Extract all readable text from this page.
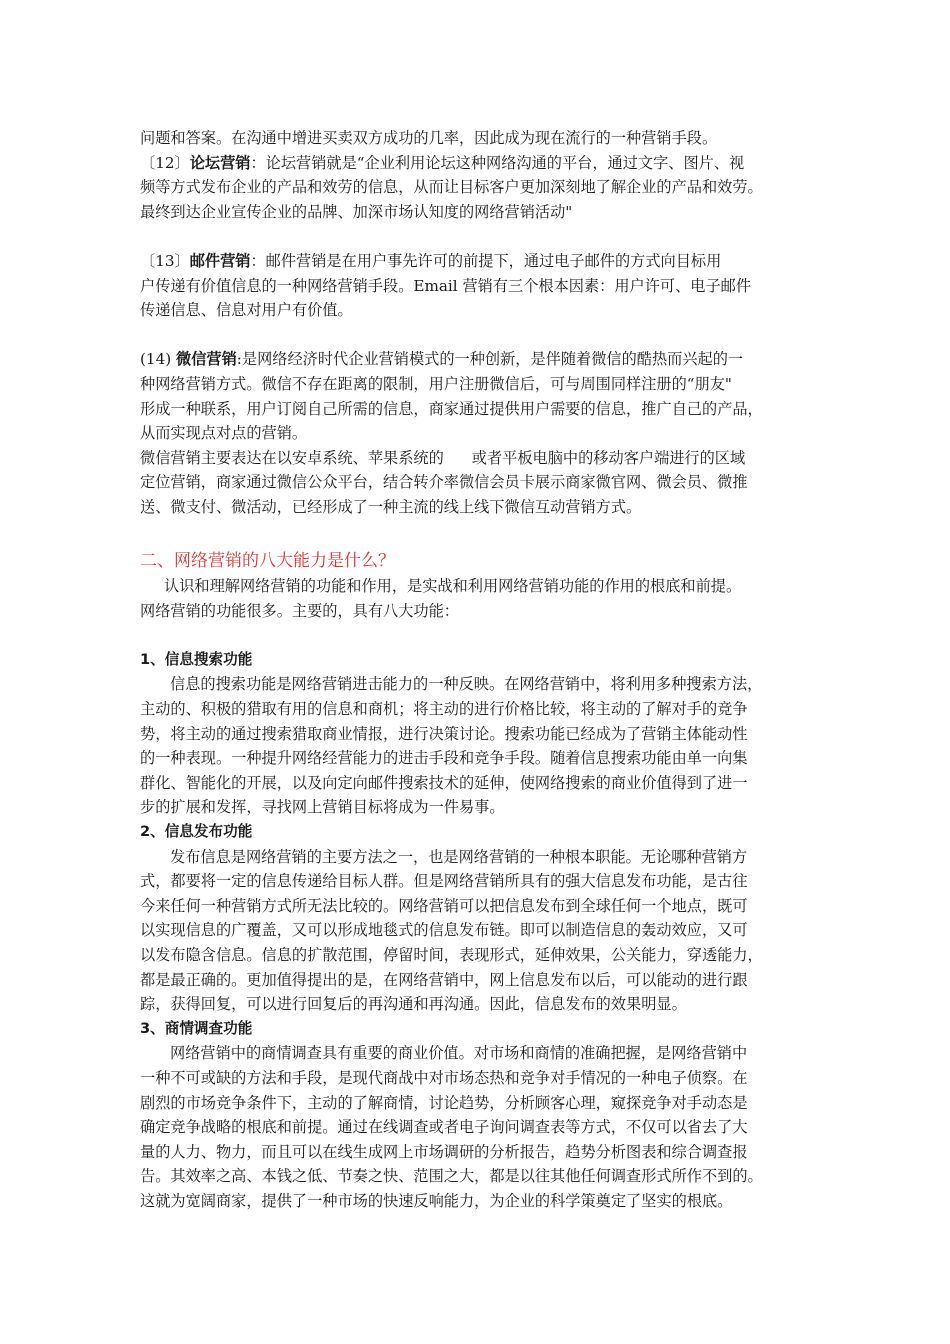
问题和答案。在沟通中增进买卖双方成功的几率，因此成为现在流行的一种营销手段。
〔12〕论坛营销：论坛营销就是“企业利用论坛这种网络沟通的平台，通过文字、图片、视
频等方式发布企业的产品和效劳的信息，从而让目标客户更加深刻地了解企业的产品和效劳。
最终到达企业宣传企业的品牌、加深市场认知度的网络营销活动"
〔13〕邮件营销：邮件营销是在用户事先许可的前提下，通过电子邮件的方式向目标用
户传递有价值信息的一种网络营销手段。Email 营销有三个根本因素：用户许可、电子邮件
传递信息、信息对用户有价值。
(14) 微信营销:是网络经济时代企业营销模式的一种创新，是伴随着微信的酷热而兴起的一
种网络营销方式。微信不存在距离的限制，用户注册微信后，可与周围同样注册的“朋友"
形成一种联系，用户订阅自己所需的信息，商家通过提供用户需要的信息，推广自己的产品，
从而实现点对点的营销。
微信营销主要表达在以安卓系统、苹果系统的 或者平板电脑中的移动客户端进行的区域
定位营销，商家通过微信公众平台，结合转介率微信会员卡展示商家微官网、微会员、微推
送、微支付、微活动，已经形成了一种主流的线上线下微信互动营销方式。
二、网络营销的八大能力是什么？
认识和理解网络营销的功能和作用，是实战和利用网络营销功能的作用的根底和前提。
网络营销的功能很多。主要的，具有八大功能：
1、信息搜索功能
信息的搜索功能是网络营销进击能力的一种反映。在网络营销中，将利用多种搜索方法，
主动的、积极的猎取有用的信息和商机；将主动的进行价格比较，将主动的了解对手的竞争
势，将主动的通过搜索猎取商业情报，进行决策讨论。搜索功能已经成为了营销主体能动性
的一种表现。一种提升网络经营能力的进击手段和竞争手段。随着信息搜索功能由单一向集
群化、智能化的开展，以及向定向邮件搜索技术的延伸，使网络搜索的商业价值得到了进一
步的扩展和发挥，寻找网上营销目标将成为一件易事。
2、信息发布功能
发布信息是网络营销的主要方法之一，也是网络营销的一种根本职能。无论哪种营销方
式，都要将一定的信息传递给目标人群。但是网络营销所具有的强大信息发布功能，是古往
今来任何一种营销方式所无法比较的。网络营销可以把信息发布到全球任何一个地点，既可
以实现信息的广覆盖，又可以形成地毯式的信息发布链。即可以制造信息的轰动效应，又可
以发布隐含信息。信息的扩散范围，停留时间，表现形式，延伸效果，公关能力，穿透能力，
都是最正确的。更加值得提出的是，在网络营销中，网上信息发布以后，可以能动的进行跟
踪，获得回复，可以进行回复后的再沟通和再沟通。因此，信息发布的效果明显。
3、商情调查功能
网络营销中的商情调查具有重要的商业价值。对市场和商情的准确把握，是网络营销中
一种不可或缺的方法和手段，是现代商战中对市场态热和竞争对手情况的一种电子侦察。在
剧烈的市场竞争条件下，主动的了解商情，讨论趋势，分析顾客心理，窥探竞争对手动态是
确定竞争战略的根底和前提。通过在线调查或者电子询问调查表等方式，不仅可以省去了大
量的人力、物力，而且可以在线生成网上市场调研的分析报告，趋势分析图表和综合调查报
告。其效率之高、本钱之低、节奏之快、范围之大，都是以往其他任何调查形式所作不到的。
这就为宽阔商家，提供了一种市场的快速反响能力，为企业的科学策奠定了坚实的根底。
